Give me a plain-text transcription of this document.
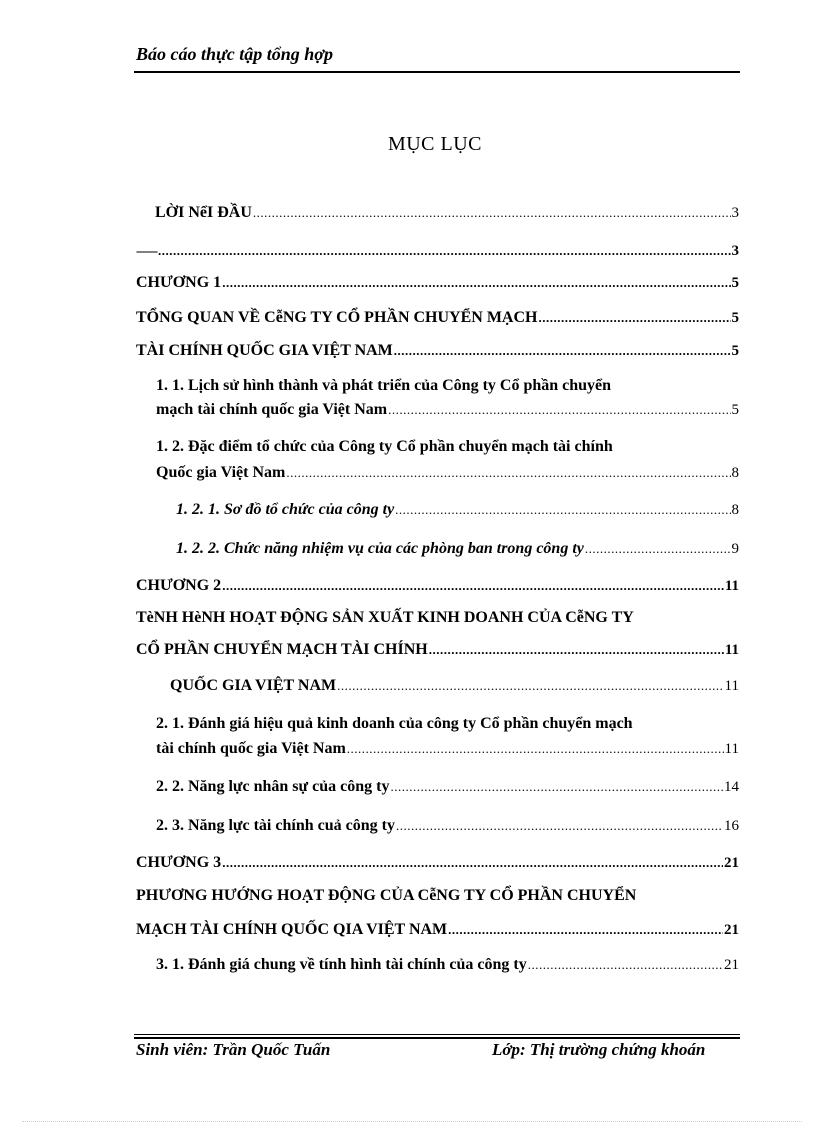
Báo cáo thực tập tổng hợp
MỤC LỤC
LỜI NểI ĐẦU .....	3
------- .....	3
CHƯƠNG 1 .....	5
TỔNG QUAN VỀ CễNG TY CỔ PHẦN CHUYỂN MẠCH .....	5
TÀI CHÍNH QUỐC GIA VIỆT NAM .....	5
1. 1. Lịch sử hình thành và phát triển của Công ty Cổ phần chuyển
mạch tài chính quốc gia Việt Nam .....	5
1. 2. Đặc điểm tổ chức của Công ty Cổ phần chuyển mạch tài chính
Quốc gia Việt Nam .....	8
1. 2. 1. Sơ đồ tổ chức của công ty .....	8
1. 2. 2. Chức năng nhiệm vụ của các phòng ban trong công ty .....	9
CHƯƠNG 2 .....	11
TèNH HèNH HOẠT ĐỘNG SẢN XUẤT KINH DOANH CỦA CễNG TY
CỔ PHẦN CHUYỂN MẠCH TÀI CHÍNH .....	11
QUỐC GIA VIỆT NAM .....	11
2. 1. Đánh giá hiệu quả kinh doanh của công ty Cổ phần chuyển mạch
tài chính quốc gia Việt Nam .....	11
2. 2. Năng lực nhân sự của công ty .....	14
2. 3. Năng lực tài chính cuả công ty .....	16
CHƯƠNG 3 .....	21
PHƯƠNG HƯỚNG HOẠT ĐỘNG CỦA CễNG TY CỔ PHẦN CHUYỂN
MẠCH TÀI CHÍNH QUỐC QIA VIỆT NAM .....	21
3. 1. Đánh giá chung về tính hình tài chính của công ty .....	21
Sinh viên: Trần Quốc Tuấn	Lớp: Thị trường chứng khoán
